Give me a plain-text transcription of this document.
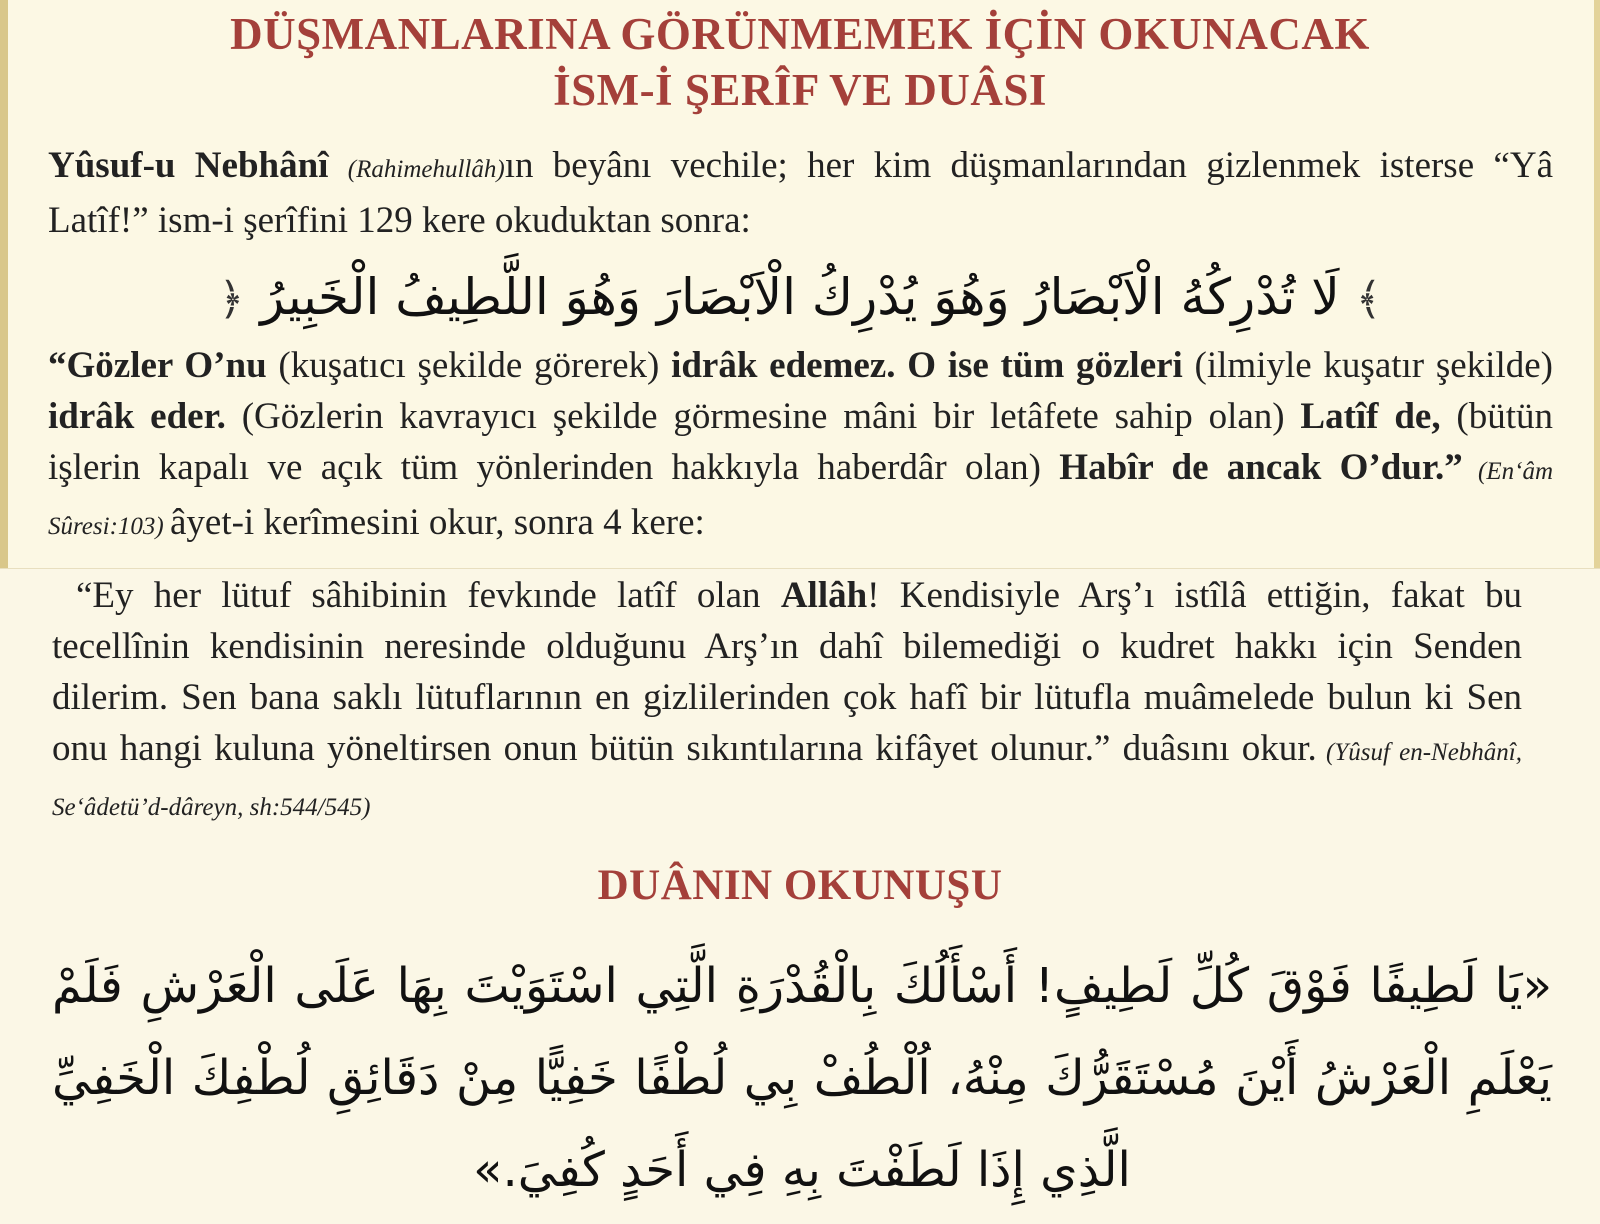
DÜŞMANLARINA GÖRÜNMEMEK İÇİN OKUNACAK

İSM-İ ŞERÎF VE DUÂSI

Yûsuf-u Nebhânî (Rahimehullâh)ın beyânı vechile; her kim düşmanlarından gizlenmek isterse “Yâ Latîf!” ism-i şerîfini 129 kere okuduktan sonra:

﴾ لَا تُدْرِكُهُ الْاَبْصَارُ وَهُوَ يُدْرِكُ الْاَبْصَارَ وَهُوَ اللَّطِيفُ الْخَبِيرُ ﴿

“Gözler O’nu (kuşatıcı şekilde görerek) idrâk edemez. O ise tüm gözleri (ilmiyle kuşatır şekilde) idrâk eder. (Gözlerin kavrayıcı şekilde görmesine mâni bir letâfete sahip olan) Latîf de, (bütün işlerin kapalı ve açık tüm yönlerinden hakkıyla haberdâr olan) Habîr de ancak O’dur.” (En‘âm Sûresi:103) âyet-i kerîmesini okur, sonra 4 kere:

“Ey her lütuf sâhibinin fevkınde latîf olan Allâh! Kendisiyle Arş’ı istîlâ ettiğin, fakat bu tecellînin kendisinin neresinde olduğunu Arş’ın dahî bilemediği o kudret hakkı için Senden dilerim. Sen bana saklı lütuflarının en gizlilerinden çok hafî bir lütufla muâmelede bulun ki Sen onu hangi kuluna yöneltirsen onun bütün sıkıntılarına kifâyet olunur.” duâsını okur. (Yûsuf en-Nebhânî, Se‘âdetü’d-dâreyn, sh:544/545)

DUÂNIN OKUNUŞU

«يَا لَطِيفًا فَوْقَ كُلِّ لَطِيفٍ! أَسْأَلُكَ بِالْقُدْرَةِ الَّتِي اسْتَوَيْتَ بِهَا عَلَى الْعَرْشِ فَلَمْ يَعْلَمِ الْعَرْشُ أَيْنَ مُسْتَقَرُّكَ مِنْهُ، اُلْطُفْ بِي لُطْفًا خَفِيًّا مِنْ دَقَائِقِ لُطْفِكَ الْخَفِيِّ الَّذِي إِذَا لَطَفْتَ بِهِ فِي أَحَدٍ كُفِيَ.»
